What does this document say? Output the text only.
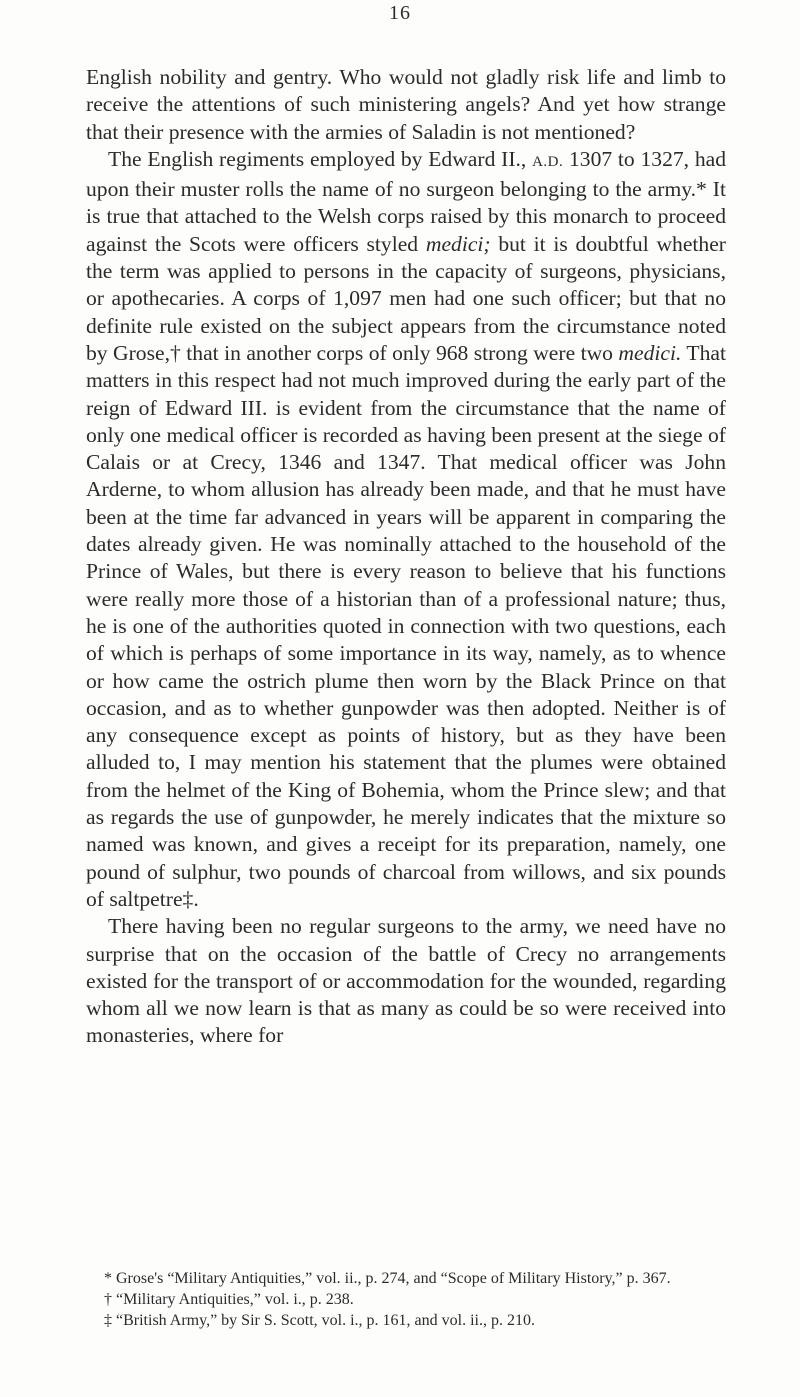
16

English nobility and gentry. Who would not gladly risk life and limb to receive the attentions of such ministering angels? And yet how strange that their presence with the armies of Saladin is not mentioned?

The English regiments employed by Edward II., A.D. 1307 to 1327, had upon their muster rolls the name of no surgeon belonging to the army.* It is true that attached to the Welsh corps raised by this monarch to proceed against the Scots were officers styled medici; but it is doubtful whether the term was applied to persons in the capacity of surgeons, physicians, or apothecaries. A corps of 1,097 men had one such officer; but that no definite rule existed on the subject appears from the circumstance noted by Grose,† that in another corps of only 968 strong were two medici. That matters in this respect had not much improved during the early part of the reign of Edward III. is evident from the circumstance that the name of only one medical officer is recorded as having been present at the siege of Calais or at Crecy, 1346 and 1347. That medical officer was John Arderne, to whom allusion has already been made, and that he must have been at the time far advanced in years will be apparent in comparing the dates already given. He was nominally attached to the household of the Prince of Wales, but there is every reason to believe that his functions were really more those of a historian than of a professional nature; thus, he is one of the authorities quoted in connection with two questions, each of which is perhaps of some importance in its way, namely, as to whence or how came the ostrich plume then worn by the Black Prince on that occasion, and as to whether gunpowder was then adopted. Neither is of any consequence except as points of history, but as they have been alluded to, I may mention his statement that the plumes were obtained from the helmet of the King of Bohemia, whom the Prince slew; and that as regards the use of gunpowder, he merely indicates that the mixture so named was known, and gives a receipt for its preparation, namely, one pound of sulphur, two pounds of charcoal from willows, and six pounds of saltpetre‡.

There having been no regular surgeons to the army, we need have no surprise that on the occasion of the battle of Crecy no arrangements existed for the transport of or accommodation for the wounded, regarding whom all we now learn is that as many as could be so were received into monasteries, where for

* Grose's “Military Antiquities,” vol. ii., p. 274, and “Scope of Military History,” p. 367.

† “Military Antiquities,” vol. i., p. 238.

‡ “British Army,” by Sir S. Scott, vol. i., p. 161, and vol. ii., p. 210.
